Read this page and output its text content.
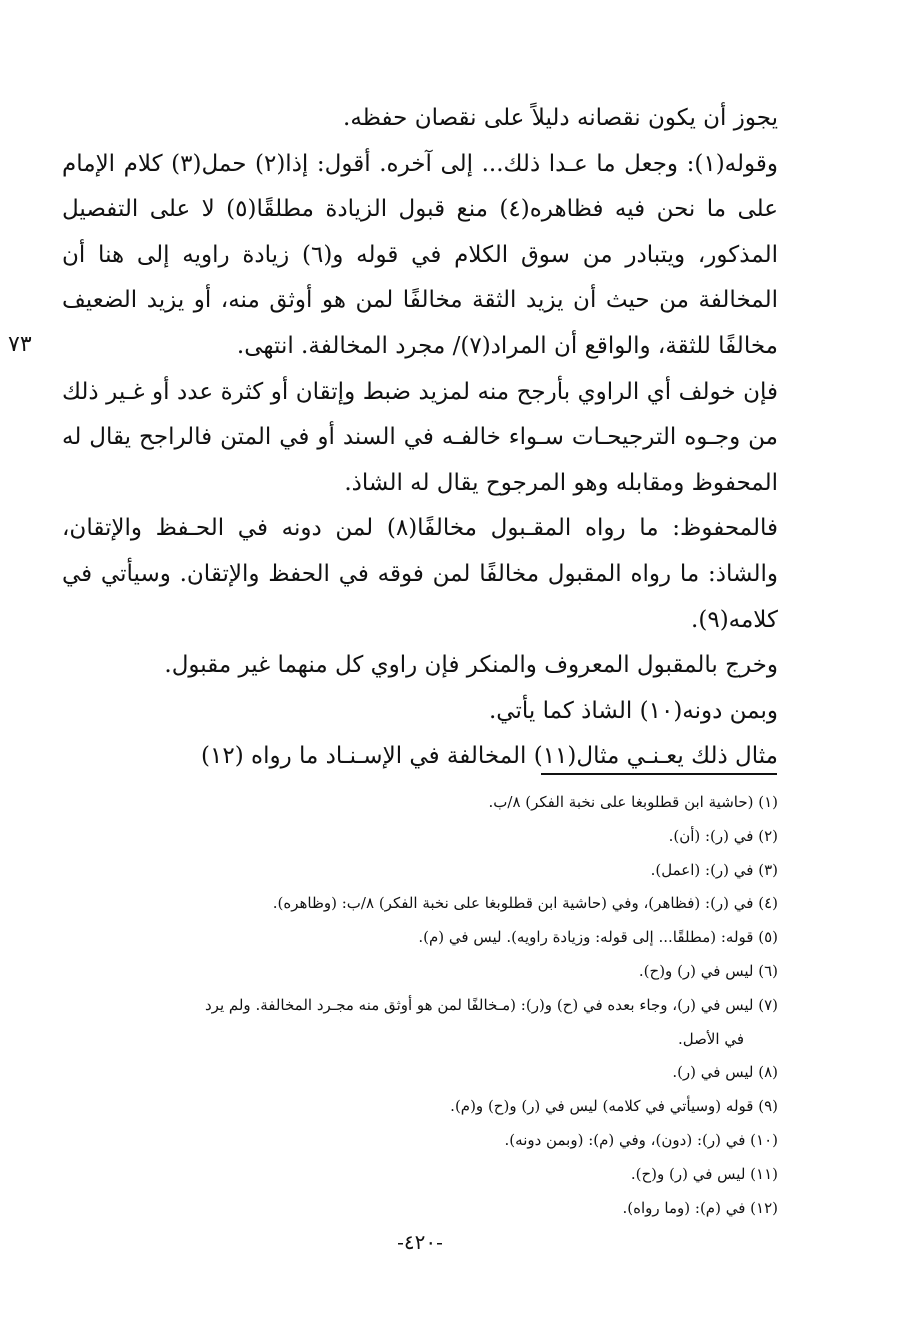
٧٣

يجوز أن يكون نقصانه دليلاً على نقصان حفظه.

وقوله(١): وجعل ما عـدا ذلك... إلى آخره. أقول: إذا(٢) حمل(٣) كلام الإمام على ما نحن فيه فظاهره(٤) منع قبول الزيادة مطلقًا(٥) لا على التفصيل المذكور، ويتبادر من سوق الكلام في قوله و(٦) زيادة راويه إلى هنا أن المخالفة من حيث أن يزيد الثقة مخالفًا لمن هو أوثق منه، أو يزيد الضعيف مخالفًا للثقة، والواقع أن المراد(٧)/ مجرد المخالفة. انتهى.

فإن خولف أي الراوي بأرجح منه لمزيد ضبط وإتقان أو كثرة عدد أو غـير ذلك من وجـوه الترجيحـات سـواء خالفـه في السند أو في المتن فالراجح يقال له المحفوظ ومقابله وهو المرجوح يقال له الشاذ.

فالمحفوظ: ما رواه المقـبول مخالفًا(٨) لمن دونه في الحـفظ والإتقان، والشاذ: ما رواه المقبول مخالفًا لمن فوقه في الحفظ والإتقان. وسيأتي في كلامه(٩).

وخرج بالمقبول المعروف والمنكر فإن راوي كل منهما غير مقبول.

وبمن دونه(١٠) الشاذ كما يأتي.

مثال ذلك يعـنـي مثال(١١) المخالفة في الإسـنـاد ما رواه (١٢)

(١) (حاشية ابن قطلوبغا على نخبة الفكر) ٨/ب.

(٢) في (ر): (أن).

(٣) في (ر): (اعمل).

(٤) في (ر): (فظاهر)، وفي (حاشية ابن قطلوبغا على نخبة الفكر) ٨/ب: (وظاهره).

(٥) قوله: (مطلقًا... إلى قوله: وزيادة راويه). ليس في (م).

(٦) ليس في (ر) و(ح).

(٧) ليس في (ر)، وجاء بعده في (ح) و(ر): (مـخالفًا لمن هو أوثق منه مجـرد المخالفة. ولم يرد

في الأصل.

(٨) ليس في (ر).

(٩) قوله (وسيأتي في كلامه) ليس في (ر) و(ح) و(م).

(١٠) في (ر): (دون)، وفي (م): (وبمن دونه).

(١١) ليس في (ر) و(ح).

(١٢) في (م): (وما رواه).

-٤٢٠-
